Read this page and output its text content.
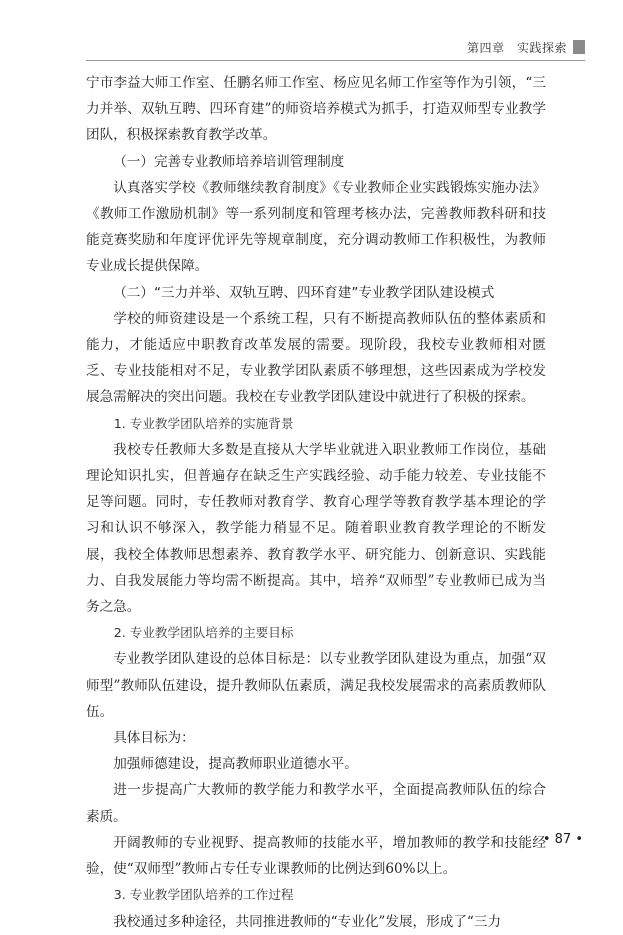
第四章　实践探索

宁市李益大师工作室、任鹏名师工作室、杨应见名师工作室等作为引领，“三力并举、双轨互聘、四环育建”的师资培养模式为抓手，打造双师型专业教学团队，积极探索教育教学改革。

（一）完善专业教师培养培训管理制度

认真落实学校《教师继续教育制度》《专业教师企业实践锻炼实施办法》《教师工作激励机制》等一系列制度和管理考核办法，完善教师教科研和技能竞赛奖励和年度评优评先等规章制度，充分调动教师工作积极性，为教师专业成长提供保障。

（二）“三力并举、双轨互聘、四环育建”专业教学团队建设模式

学校的师资建设是一个系统工程，只有不断提高教师队伍的整体素质和能力，才能适应中职教育改革发展的需要。现阶段，我校专业教师相对匮乏、专业技能相对不足，专业教学团队素质不够理想，这些因素成为学校发展急需解决的突出问题。我校在专业教学团队建设中就进行了积极的探索。

1. 专业教学团队培养的实施背景

我校专任教师大多数是直接从大学毕业就进入职业教师工作岗位，基础理论知识扎实，但普遍存在缺乏生产实践经验、动手能力较差、专业技能不足等问题。同时，专任教师对教育学、教育心理学等教育教学基本理论的学习和认识不够深入，教学能力稍显不足。随着职业教育教学理论的不断发展，我校全体教师思想素养、教育教学水平、研究能力、创新意识、实践能力、自我发展能力等均需不断提高。其中，培养“双师型”专业教师已成为当务之急。

2. 专业教学团队培养的主要目标

专业教学团队建设的总体目标是：以专业教学团队建设为重点，加强“双师型”教师队伍建设，提升教师队伍素质，满足我校发展需求的高素质教师队伍。

具体目标为：

加强师德建设，提高教师职业道德水平。

进一步提高广大教师的教学能力和教学水平，全面提高教师队伍的综合素质。

开阔教师的专业视野、提高教师的技能水平，增加教师的教学和技能经验，使“双师型”教师占专任专业课教师的比例达到60%以上。

3. 专业教学团队培养的工作过程

我校通过多种途径，共同推进教师的“专业化”发展，形成了“三力

• 87 •
